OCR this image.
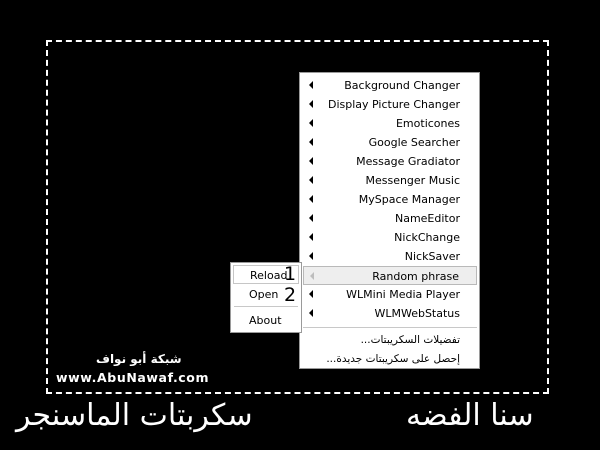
Background Changer
Display Picture Changer
Emoticones
Google Searcher
Message Gradiator
Messenger Music
MySpace Manager
NameEditor
NickChange
NickSaver
Random phrase
WLMini Media Player
WLMWebStatus
تفضيلات السكريبتات...
إحصل على سكريبتات جديدة...
Reload
Open
About
1
2
شبكة أبو نواف
www.AbuNawaf.com
سكربتات الماسنجر	سنا الفضه
